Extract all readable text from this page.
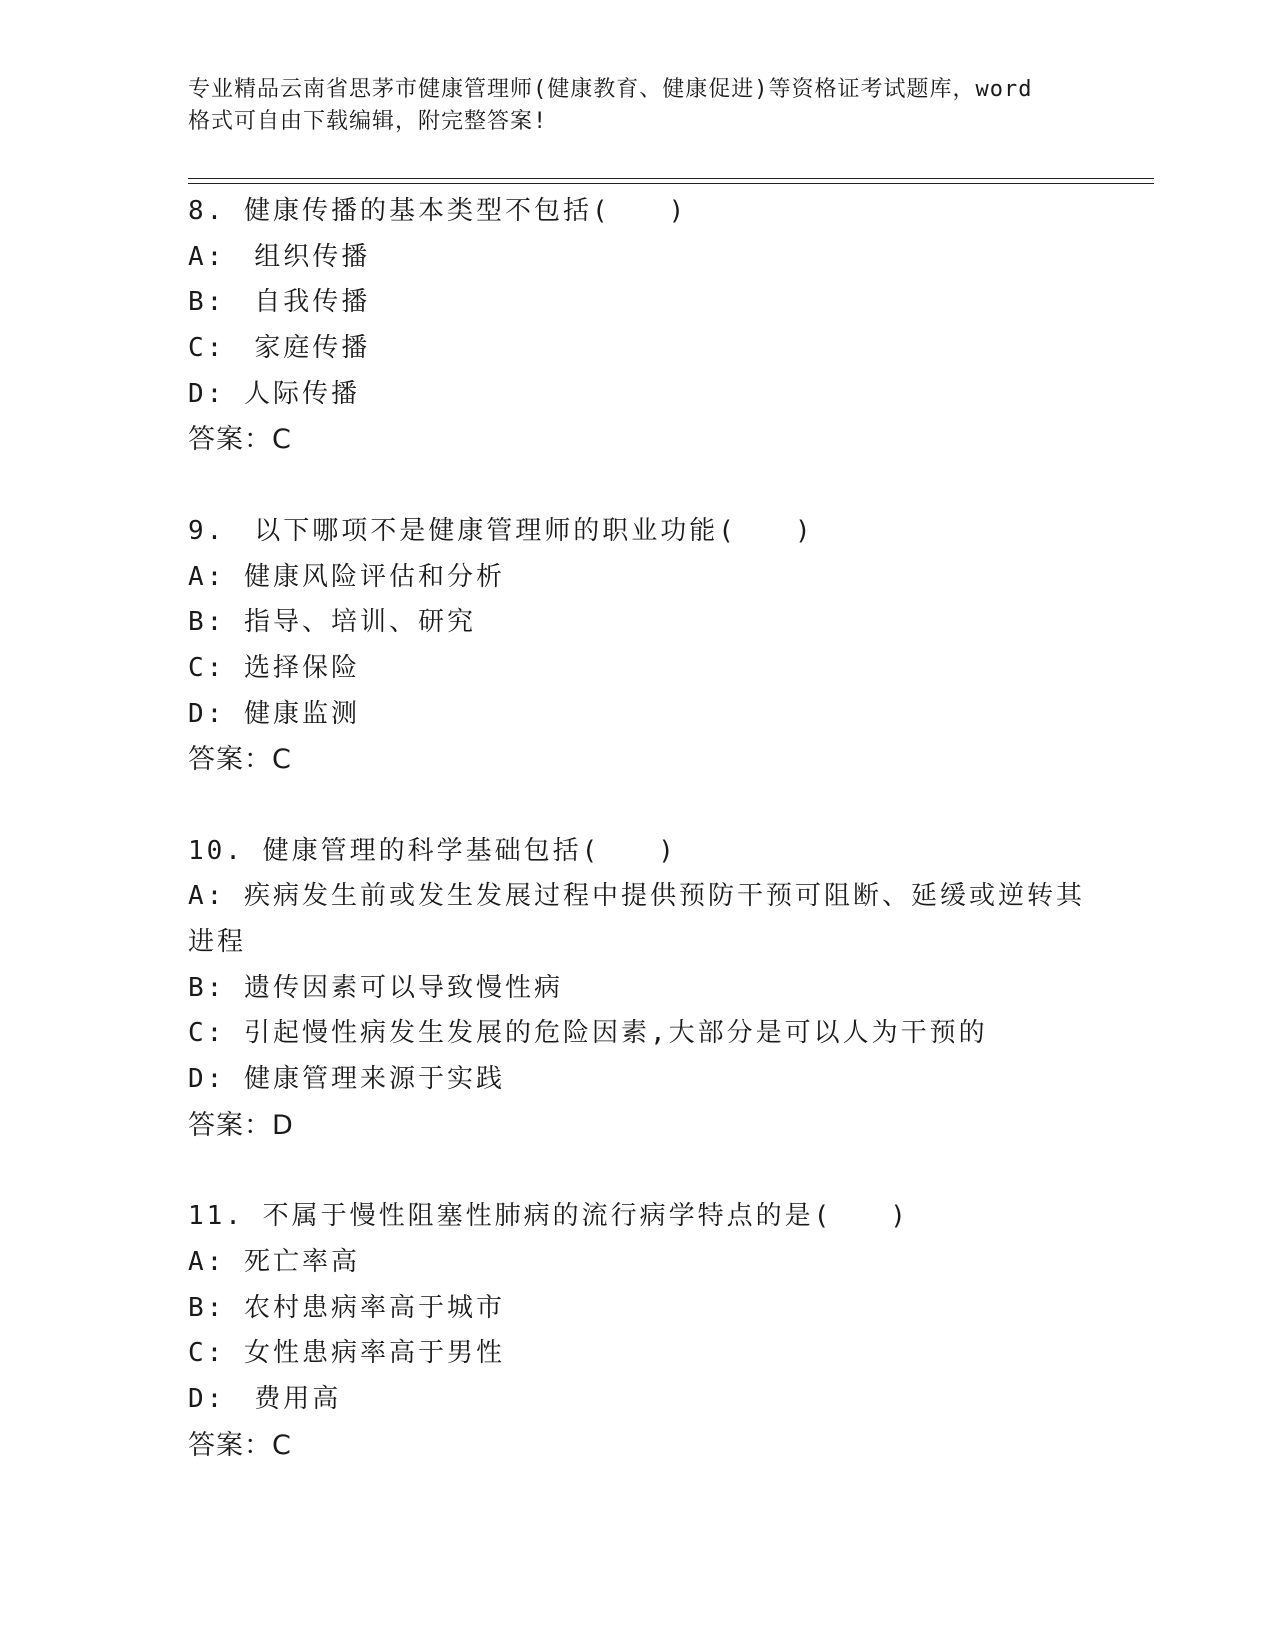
专业精品云南省思茅市健康管理师(健康教育、健康促进)等资格证考试题库，word

格式可自由下载编辑，附完整答案!

8. 健康传播的基本类型不包括(　　)
A:　组织传播
B:　自我传播
C:　家庭传播
D: 人际传播
答案：C
9.　以下哪项不是健康管理师的职业功能(　　)
A: 健康风险评估和分析
B: 指导、培训、研究
C: 选择保险
D: 健康监测
答案：C
10. 健康管理的科学基础包括(　　)
A: 疾病发生前或发生发展过程中提供预防干预可阻断、延缓或逆转其
进程
B: 遗传因素可以导致慢性病
C: 引起慢性病发生发展的危险因素,大部分是可以人为干预的
D: 健康管理来源于实践
答案：D
11. 不属于慢性阻塞性肺病的流行病学特点的是(　　)
A: 死亡率高
B: 农村患病率高于城市
C: 女性患病率高于男性
D:　费用高
答案：C
